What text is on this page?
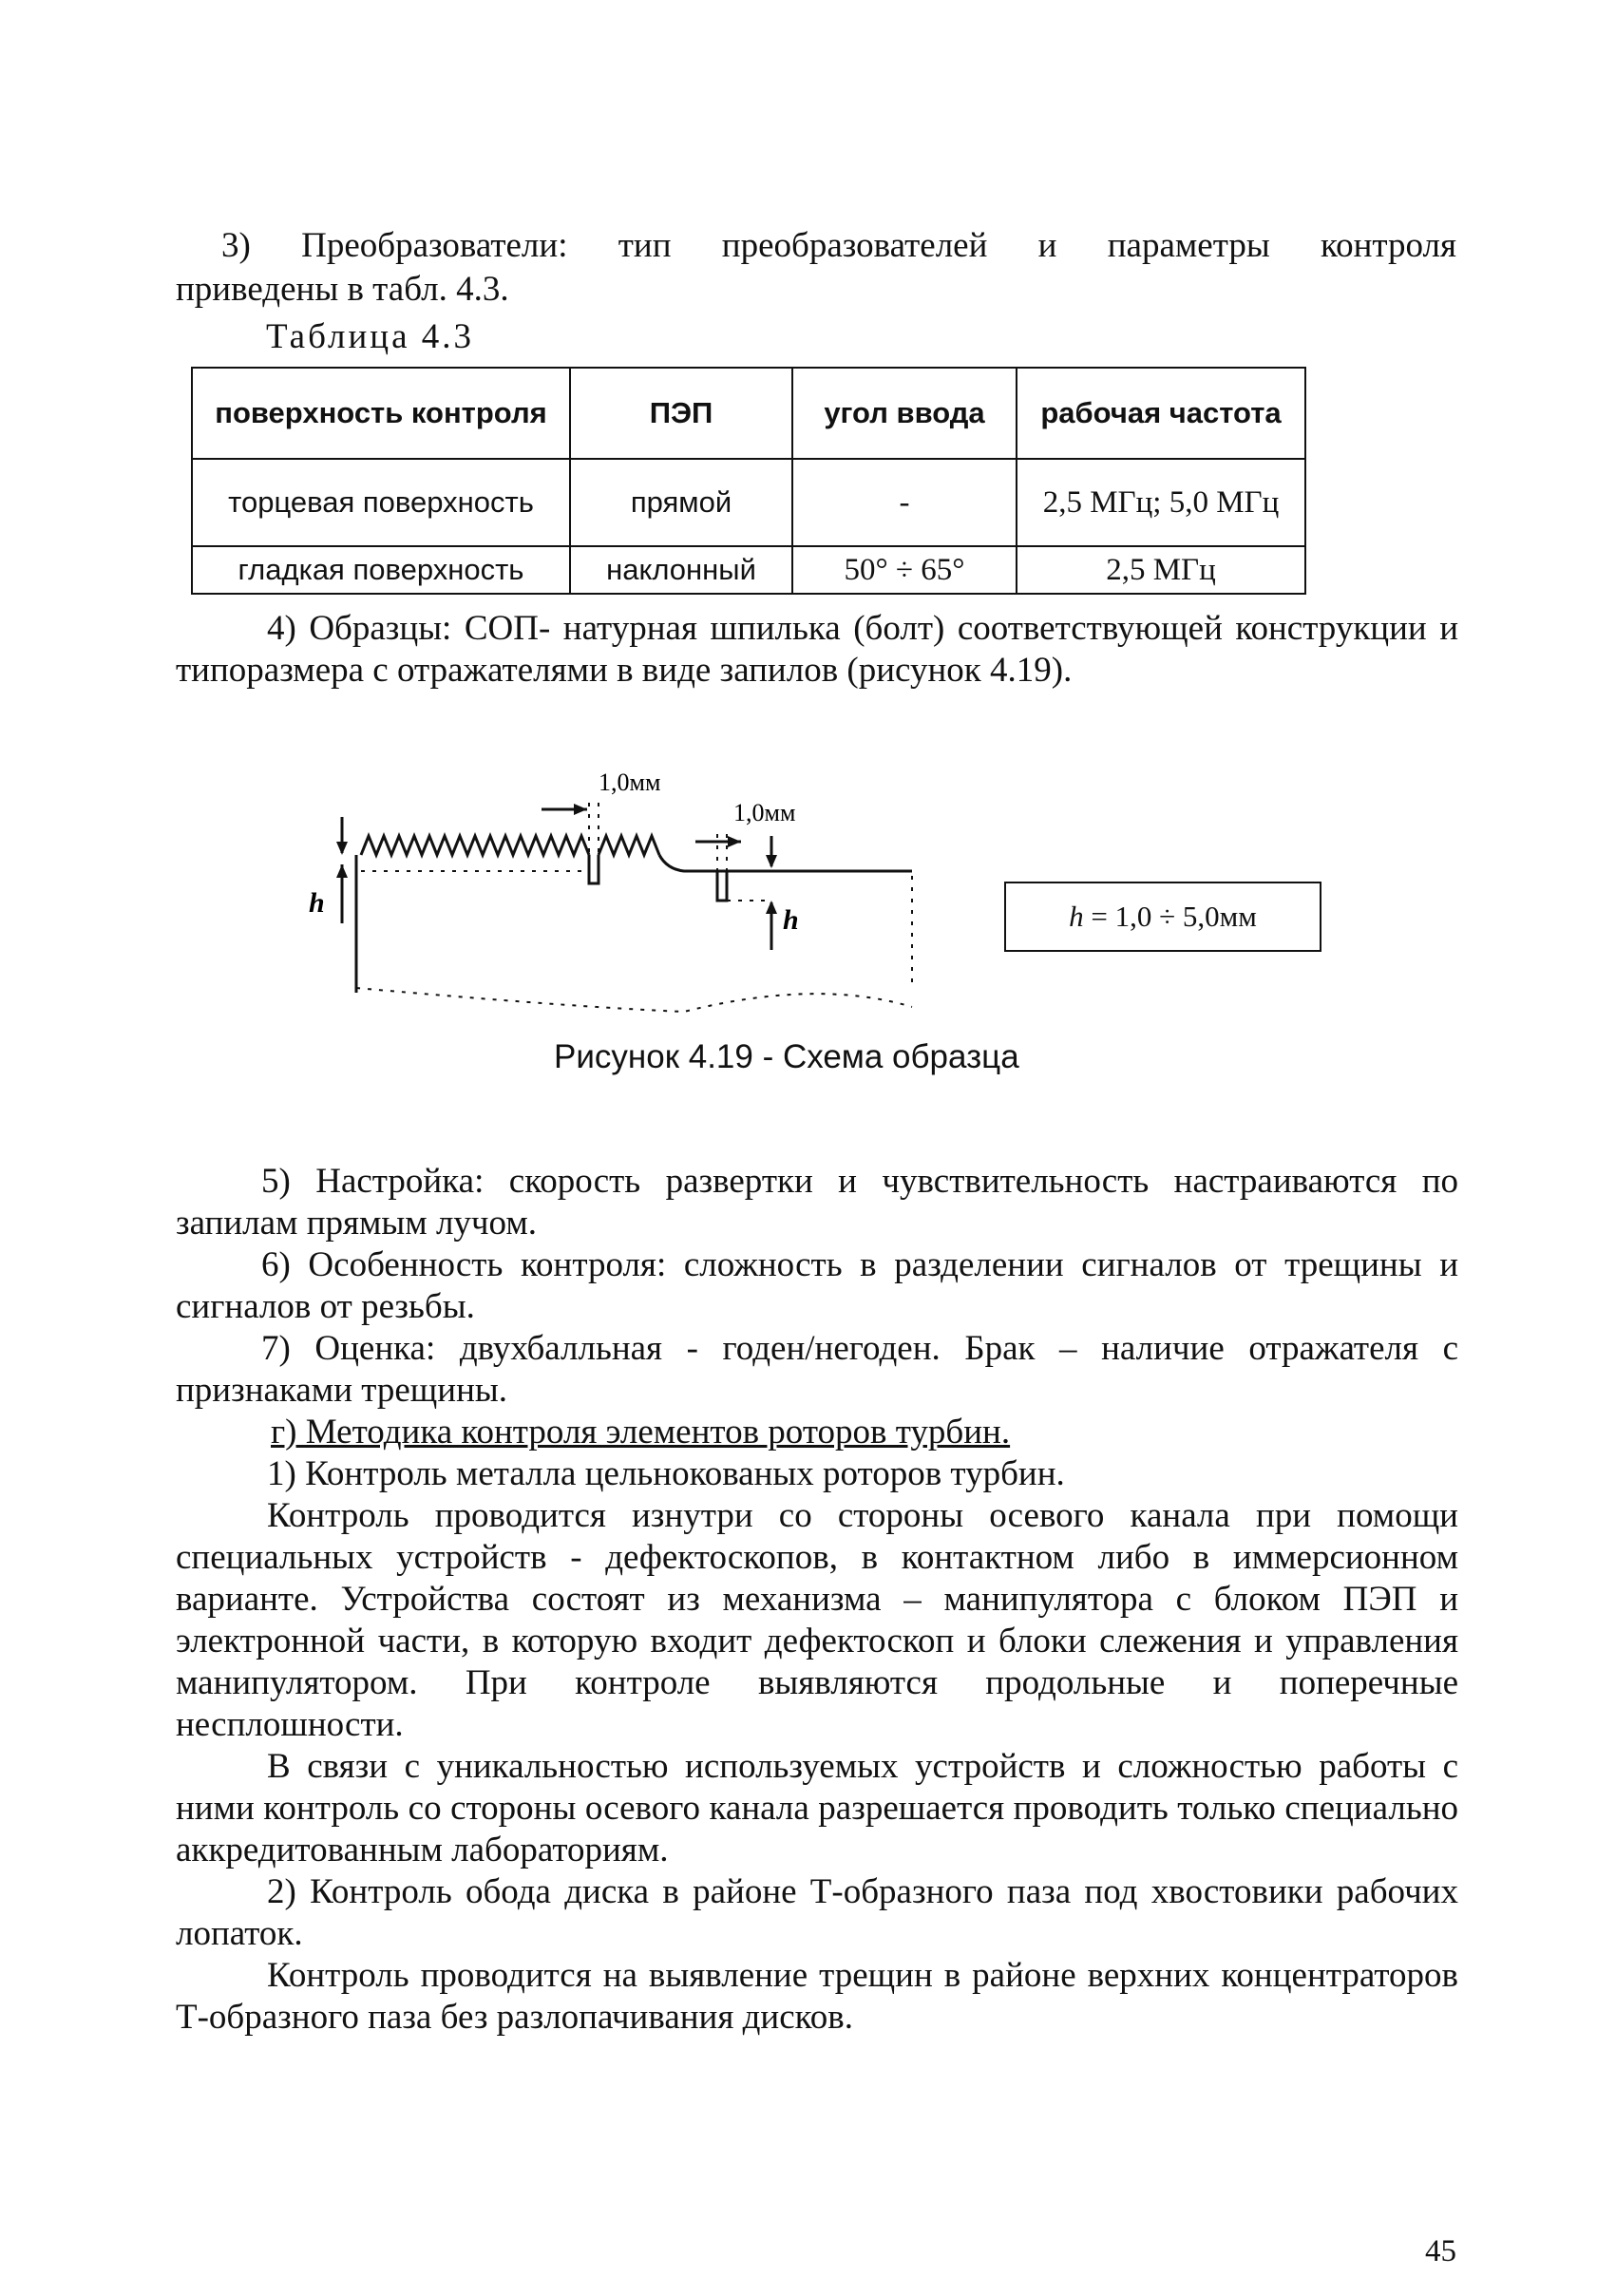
3) Преобразователи: тип преобразователей и параметры контроля

приведены в табл. 4.3.

Таблица 4.3
поверхность контроля	ПЭП	угол ввода	рабочая частота
торцевая поверхность	прямой	-	2,5 МГц; 5,0 МГц
гладкая поверхность	наклонный	50° ÷ 65°	2,5 МГц

4) Образцы: СОП- натурная шпилька (болт) соответствующей конструкции и типоразмера с отражателями в виде запилов (рисунок 4.19).

1,0мм
1,0мм
h
h	h = 1,0 ÷ 5,0мм
Рисунок 4.19 - Схема образца

5) Настройка: скорость развертки и чувствительность настраиваются по запилам прямым лучом.

6) Особенность контроля: сложность в разделении сигналов от трещины и сигналов от резьбы.

7) Оценка: двухбалльная - годен/негоден. Брак – наличие отражателя с признаками трещины.

г) Методика контроля элементов роторов турбин.

1) Контроль металла цельнокованых роторов турбин.

Контроль проводится изнутри со стороны осевого канала при помощи специальных устройств - дефектоскопов, в контактном либо в иммерсионном варианте. Устройства состоят из механизма – манипулятора с блоком ПЭП и электронной части, в которую входит дефектоскоп и блоки слежения и управления манипулятором. При контроле выявляются продольные и поперечные несплошности.

В связи с уникальностью используемых устройств и сложностью работы с ними контроль со стороны осевого канала разрешается проводить только специально аккредитованным лабораториям.

2) Контроль обода диска в районе Т-образного паза под хвостовики рабочих лопаток.

Контроль проводится на выявление трещин в районе верхних концентраторов Т-образного паза без разлопачивания дисков.

45
